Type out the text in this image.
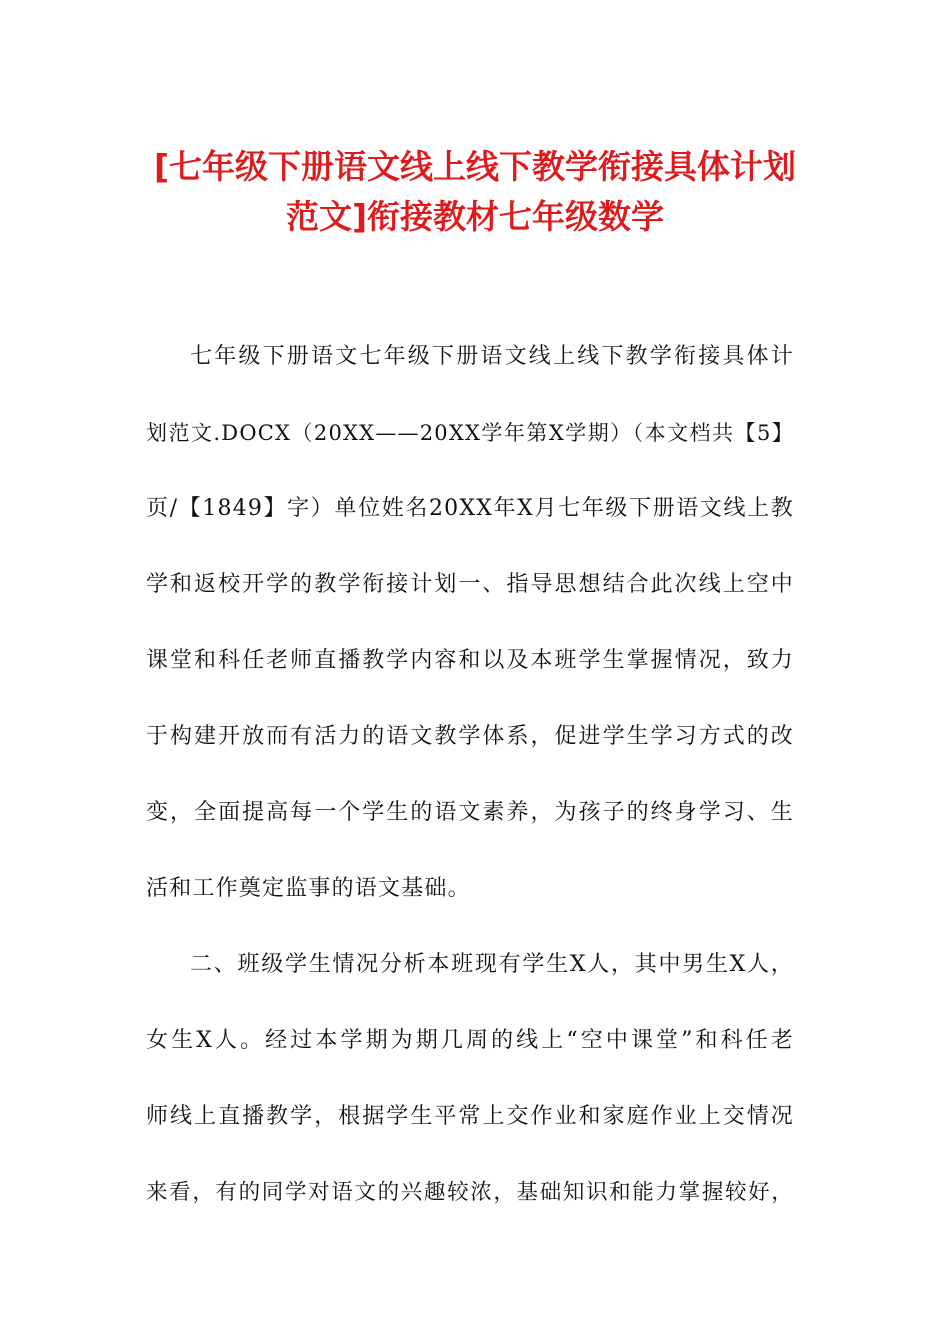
[七年级下册语文线上线下教学衔接具体计划
范文]衔接教材七年级数学

七年级下册语文七年级下册语文线上线下教学衔接具体计
划范文.DOCX（20XX——20XX学年第X学期）（本文档共【5】
页/【1849】字）单位姓名20XX年X月七年级下册语文线上教
学和返校开学的教学衔接计划一、指导思想结合此次线上空中
课堂和科任老师直播教学内容和以及本班学生掌握情况，致力
于构建开放而有活力的语文教学体系，促进学生学习方式的改
变，全面提高每一个学生的语文素养，为孩子的终身学习、生
活和工作奠定监事的语文基础。

二、班级学生情况分析本班现有学生X人，其中男生X人，
女生X人。经过本学期为期几周的线上“空中课堂”和科任老
师线上直播教学，根据学生平常上交作业和家庭作业上交情况
来看，有的同学对语文的兴趣较浓，基础知识和能力掌握较好，
